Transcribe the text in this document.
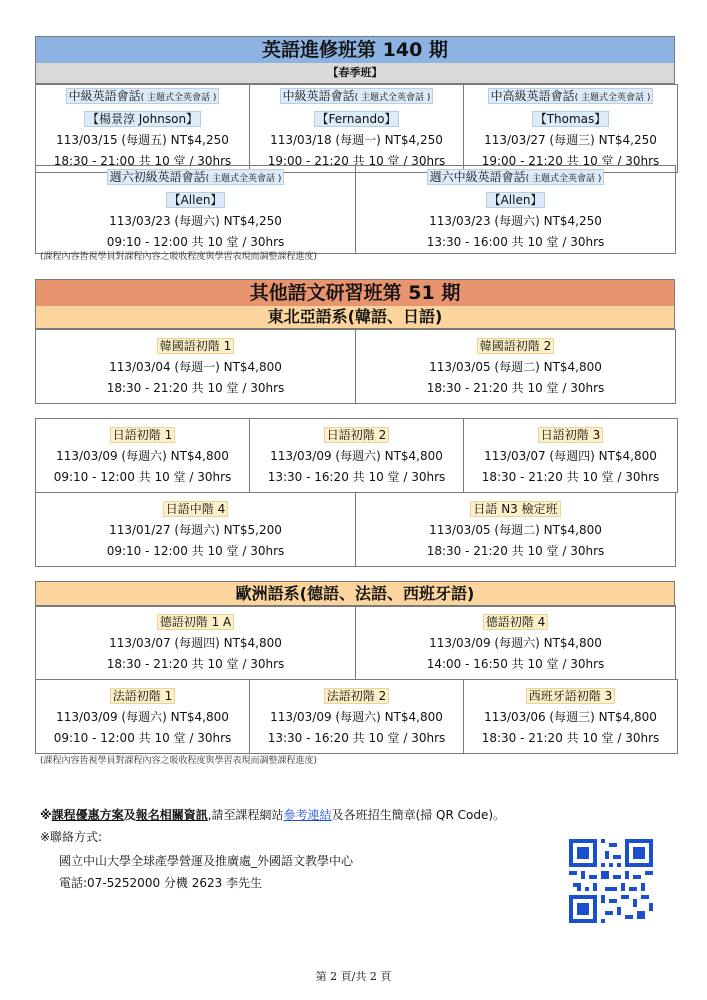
英語進修班第 140 期
【春季班】
中級英語會話( 主題式全英會話 )
【楊景淳 Johnson】
113/03/15 (每週五) NT$4,250
18:30 - 21:00 共 10 堂 / 30hrs

中級英語會話( 主題式全英會話 )
【Fernando】
113/03/18 (每週一) NT$4,250
19:00 - 21:20 共 10 堂 / 30hrs

中高級英語會話( 主題式全英會話 )
【Thomas】
113/03/27 (每週三) NT$4,250
19:00 - 21:20 共 10 堂 / 30hrs
週六初級英語會話( 主題式全英會話 )
【Allen】
113/03/23 (每週六) NT$4,250
09:10 - 12:00 共 10 堂 / 30hrs

週六中級英語會話( 主題式全英會話 )
【Allen】
113/03/23 (每週六) NT$4,250
13:30 - 16:00 共 10 堂 / 30hrs
(課程內容皆視學員對課程內容之吸收程度與學習表現而調整課程進度)
其他語文研習班第 51 期
東北亞語系(韓語、日語)
韓國語初階 1
113/03/04 (每週一) NT$4,800
18:30 - 21:20 共 10 堂 / 30hrs

韓國語初階 2
113/03/05 (每週二) NT$4,800
18:30 - 21:20 共 10 堂 / 30hrs
日語初階 1
113/03/09 (每週六) NT$4,800
09:10 - 12:00 共 10 堂 / 30hrs

日語初階 2
113/03/09 (每週六) NT$4,800
13:30 - 16:20 共 10 堂 / 30hrs

日語初階 3
113/03/07 (每週四) NT$4,800
18:30 - 21:20 共 10 堂 / 30hrs
日語中階 4
113/01/27 (每週六) NT$5,200
09:10 - 12:00 共 10 堂 / 30hrs

日語 N3 檢定班
113/03/05 (每週二) NT$4,800
18:30 - 21:20 共 10 堂 / 30hrs
歐洲語系(德語、法語、西班牙語)
德語初階 1 A
113/03/07 (每週四) NT$4,800
18:30 - 21:20 共 10 堂 / 30hrs

德語初階 4
113/03/09 (每週六) NT$4,800
14:00 - 16:50 共 10 堂 / 30hrs
法語初階 1
113/03/09 (每週六) NT$4,800
09:10 - 12:00 共 10 堂 / 30hrs

法語初階 2
113/03/09 (每週六) NT$4,800
13:30 - 16:20 共 10 堂 / 30hrs

西班牙語初階 3
113/03/06 (每週三) NT$4,800
18:30 - 21:20 共 10 堂 / 30hrs
(課程內容皆視學員對課程內容之吸收程度與學習表現而調整課程進度)
※課程優惠方案及報名相關資訊,請至課程網站參考連結及各班招生簡章(掃 QR Code)。
※聯絡方式:
國立中山大學全球產學營運及推廣處_外國語文教學中心
電話:07-5252000 分機 2623 李先生
第 2 頁/共 2 頁
